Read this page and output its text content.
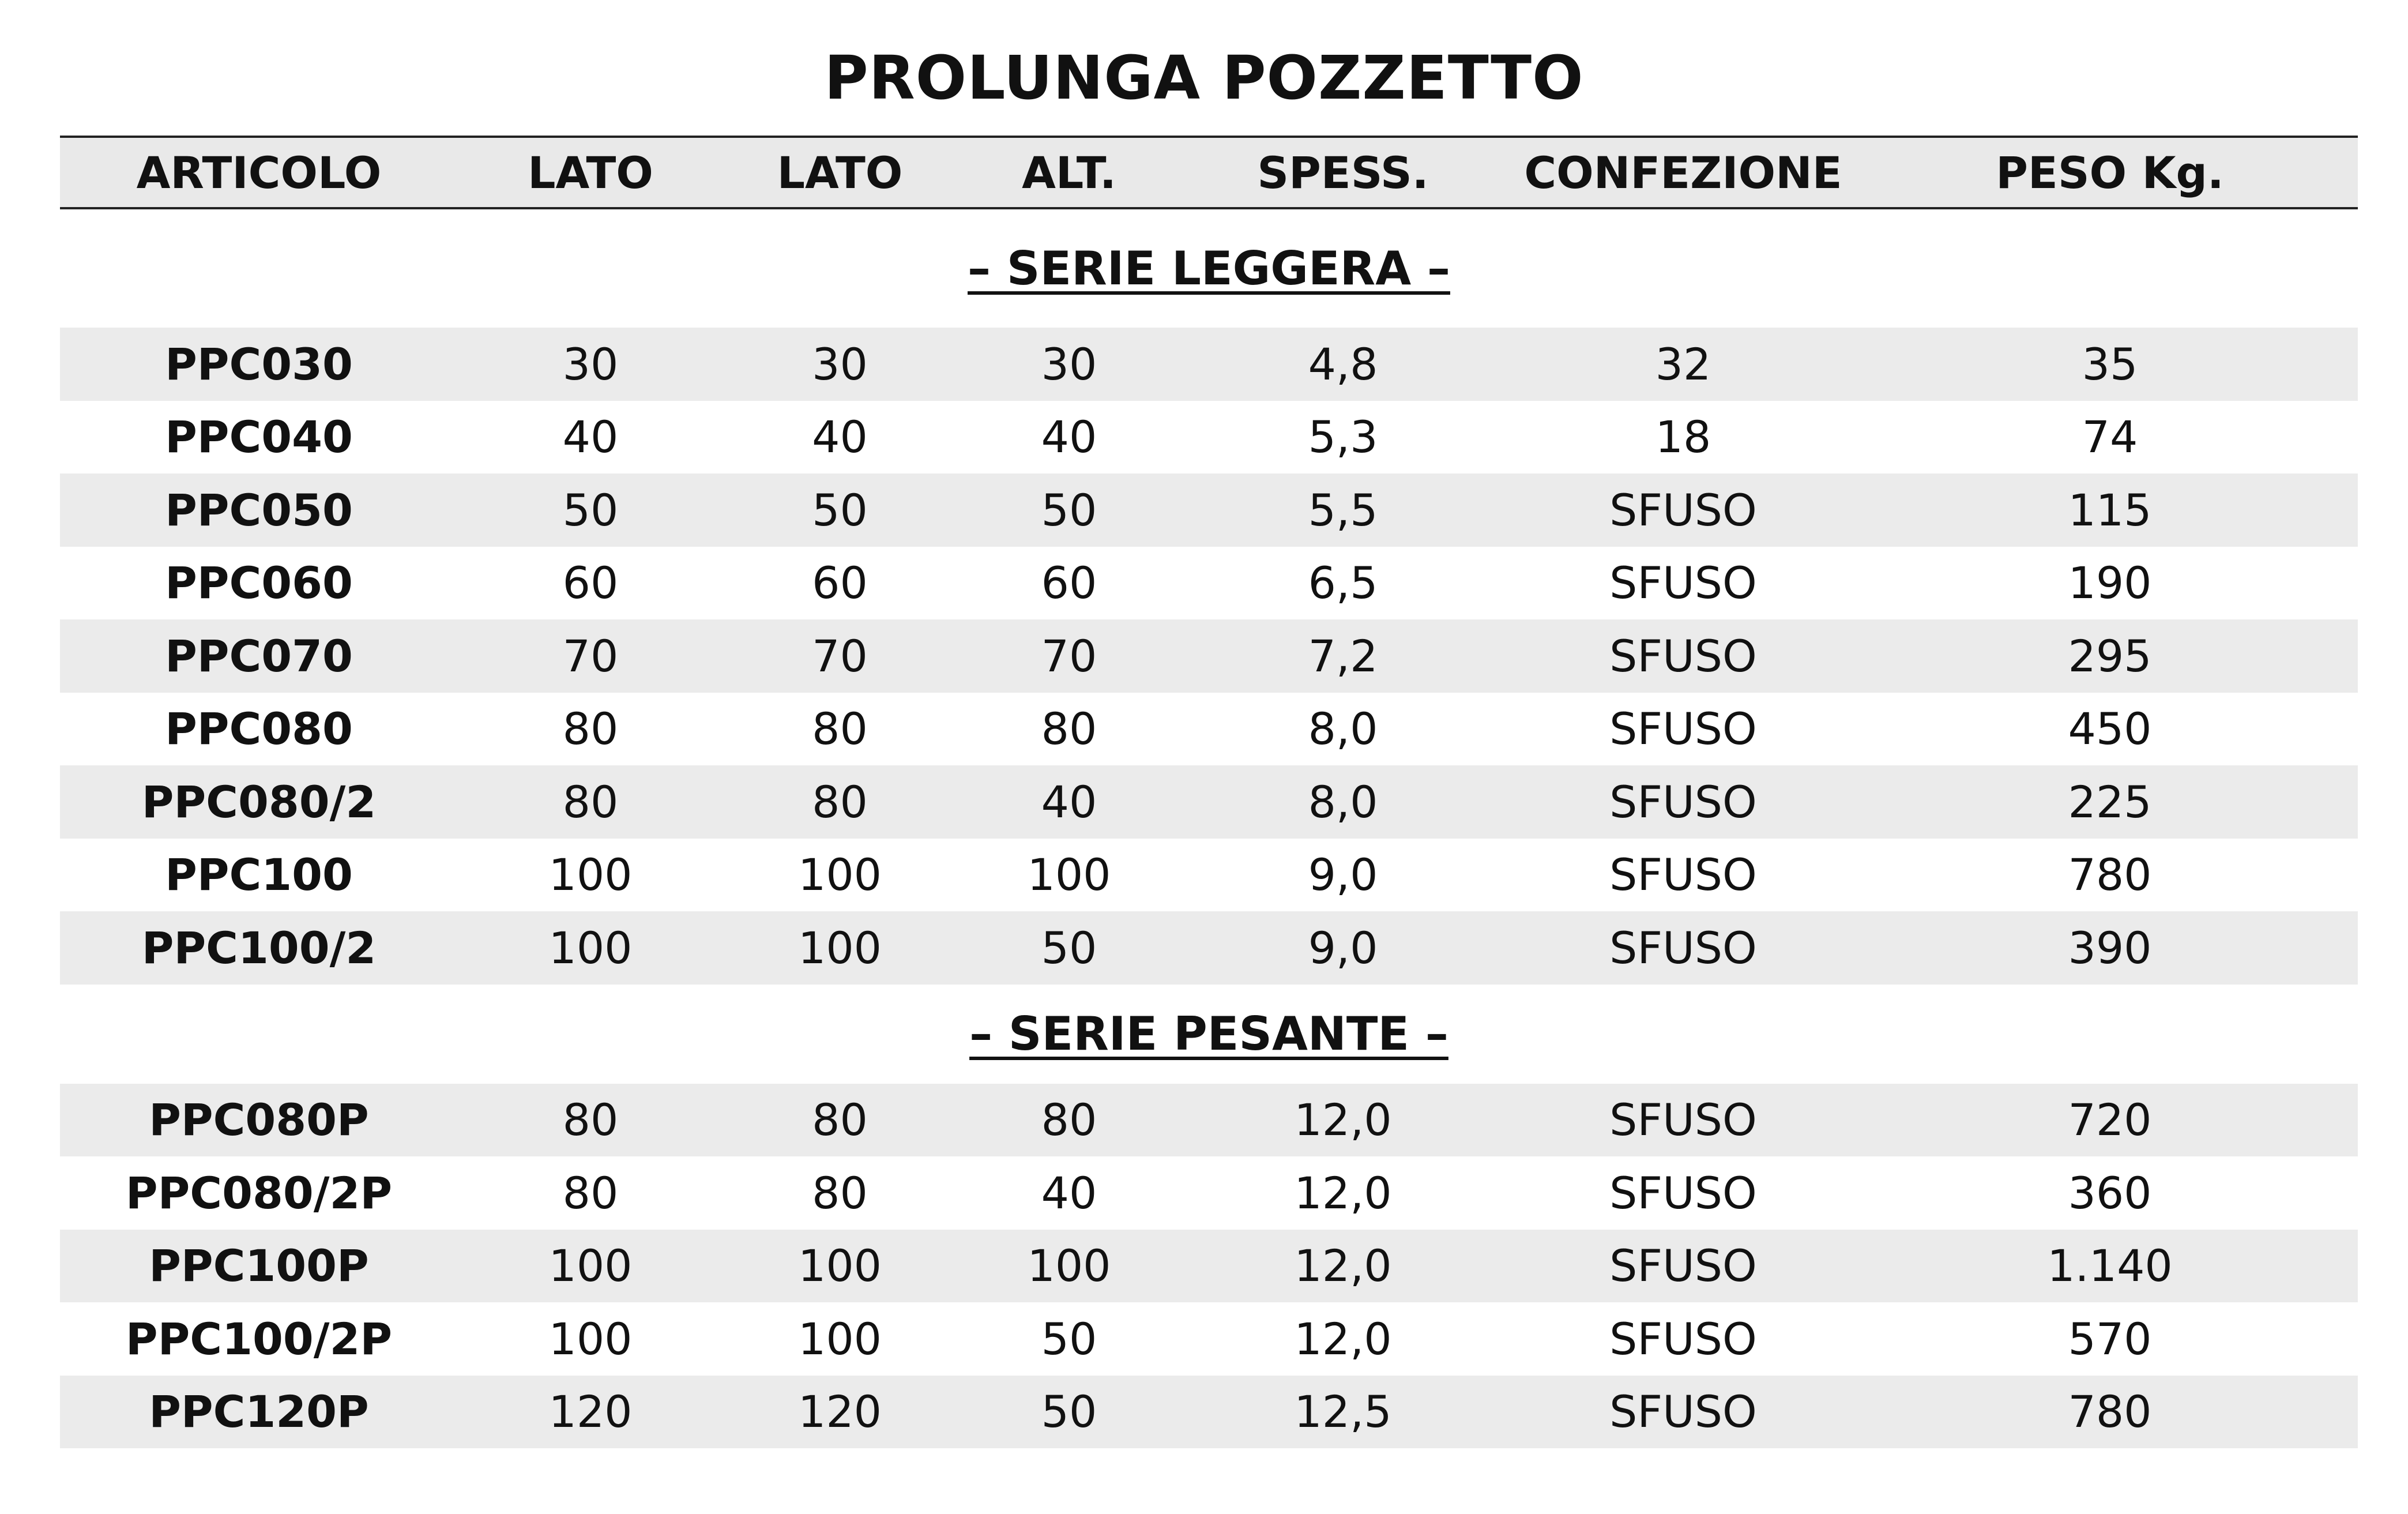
PROLUNGA POZZETTO
ARTICOLO	LATO	LATO	ALT.	SPESS.	CONFEZIONE	PESO Kg.
– SERIE LEGGERA –
PPC030	30	30	30	4,8	32	35
PPC040	40	40	40	5,3	18	74
PPC050	50	50	50	5,5	SFUSO	115
PPC060	60	60	60	6,5	SFUSO	190
PPC070	70	70	70	7,2	SFUSO	295
PPC080	80	80	80	8,0	SFUSO	450
PPC080/2	80	80	40	8,0	SFUSO	225
PPC100	100	100	100	9,0	SFUSO	780
PPC100/2	100	100	50	9,0	SFUSO	390
– SERIE PESANTE –
PPC080P	80	80	80	12,0	SFUSO	720
PPC080/2P	80	80	40	12,0	SFUSO	360
PPC100P	100	100	100	12,0	SFUSO	1.140
PPC100/2P	100	100	50	12,0	SFUSO	570
PPC120P	120	120	50	12,5	SFUSO	780
